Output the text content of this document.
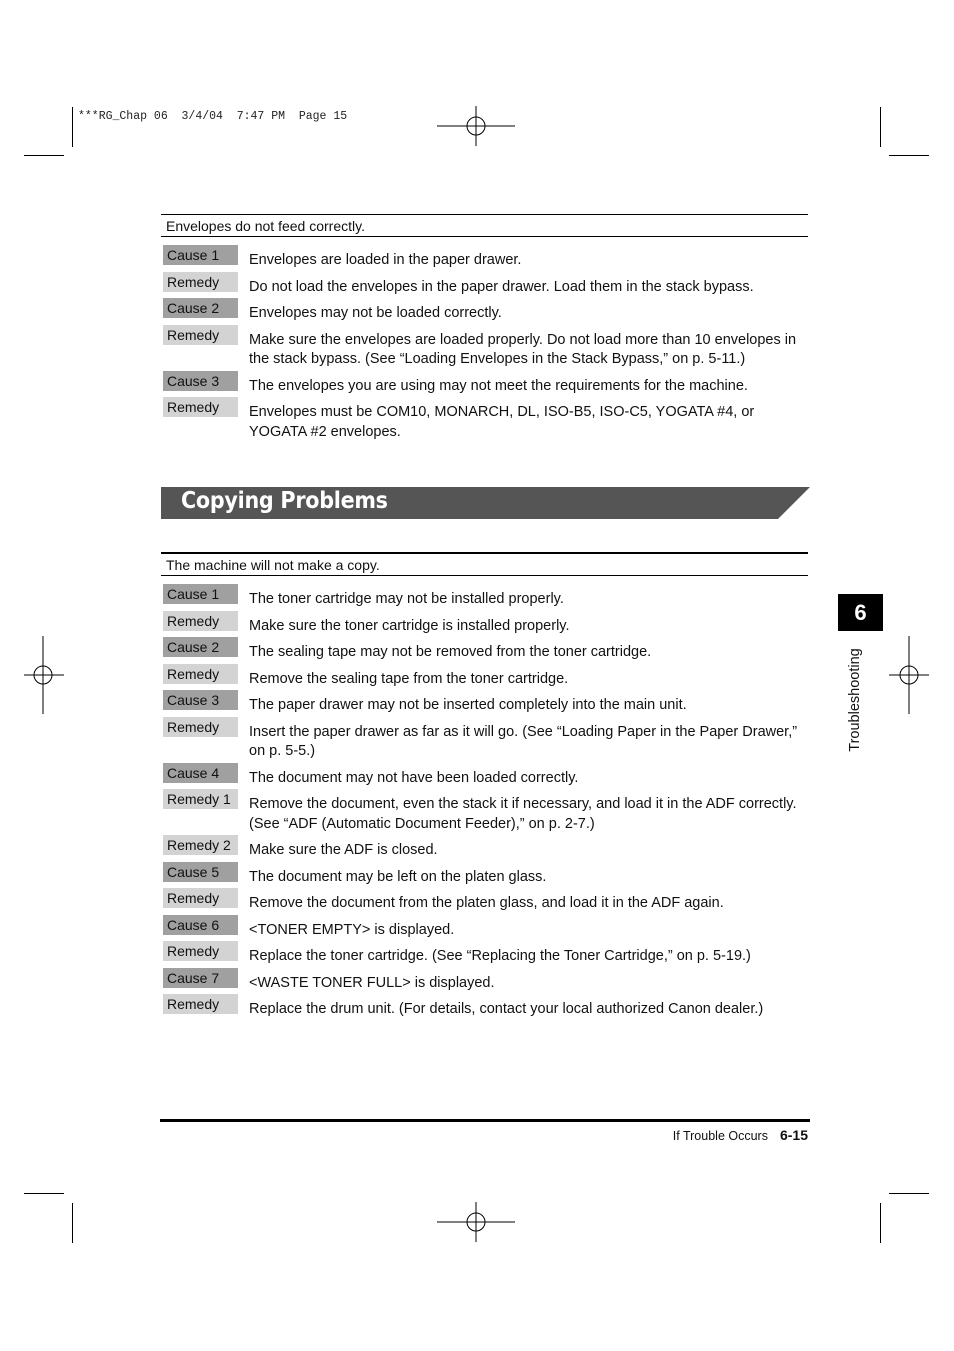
***RG_Chap 06  3/4/04  7:47 PM  Page 15
Envelopes do not feed correctly.
Cause 1	Envelopes are loaded in the paper drawer.
Remedy	Do not load the envelopes in the paper drawer. Load them in the stack bypass.
Cause 2	Envelopes may not be loaded correctly.
Remedy	Make sure the envelopes are loaded properly. Do not load more than 10 envelopes in the stack bypass. (See “Loading Envelopes in the Stack Bypass,” on p. 5-11.)
Cause 3	The envelopes you are using may not meet the requirements for the machine.
Remedy	Envelopes must be COM10, MONARCH, DL, ISO-B5, ISO-C5, YOGATA #4, or YOGATA #2 envelopes.
Copying Problems
The machine will not make a copy.
Cause 1	The toner cartridge may not be installed properly.
Remedy	Make sure the toner cartridge is installed properly.
Cause 2	The sealing tape may not be removed from the toner cartridge.
Remedy	Remove the sealing tape from the toner cartridge.
Cause 3	The paper drawer may not be inserted completely into the main unit.
Remedy	Insert the paper drawer as far as it will go. (See “Loading Paper in the Paper Drawer,” on p. 5-5.)
Cause 4	The document may not have been loaded correctly.
Remedy 1	Remove the document, even the stack it if necessary, and load it in the ADF correctly. (See “ADF (Automatic Document Feeder),” on p. 2-7.)
Remedy 2	Make sure the ADF is closed.
Cause 5	The document may be left on the platen glass.
Remedy	Remove the document from the platen glass, and load it in the ADF again.
Cause 6	<TONER EMPTY> is displayed.
Remedy	Replace the toner cartridge. (See “Replacing the Toner Cartridge,” on p. 5-19.)
Cause 7	<WASTE TONER FULL> is displayed.
Remedy	Replace the drum unit. (For details, contact your local authorized Canon dealer.)
6
Troubleshooting
If Trouble Occurs 6-15
